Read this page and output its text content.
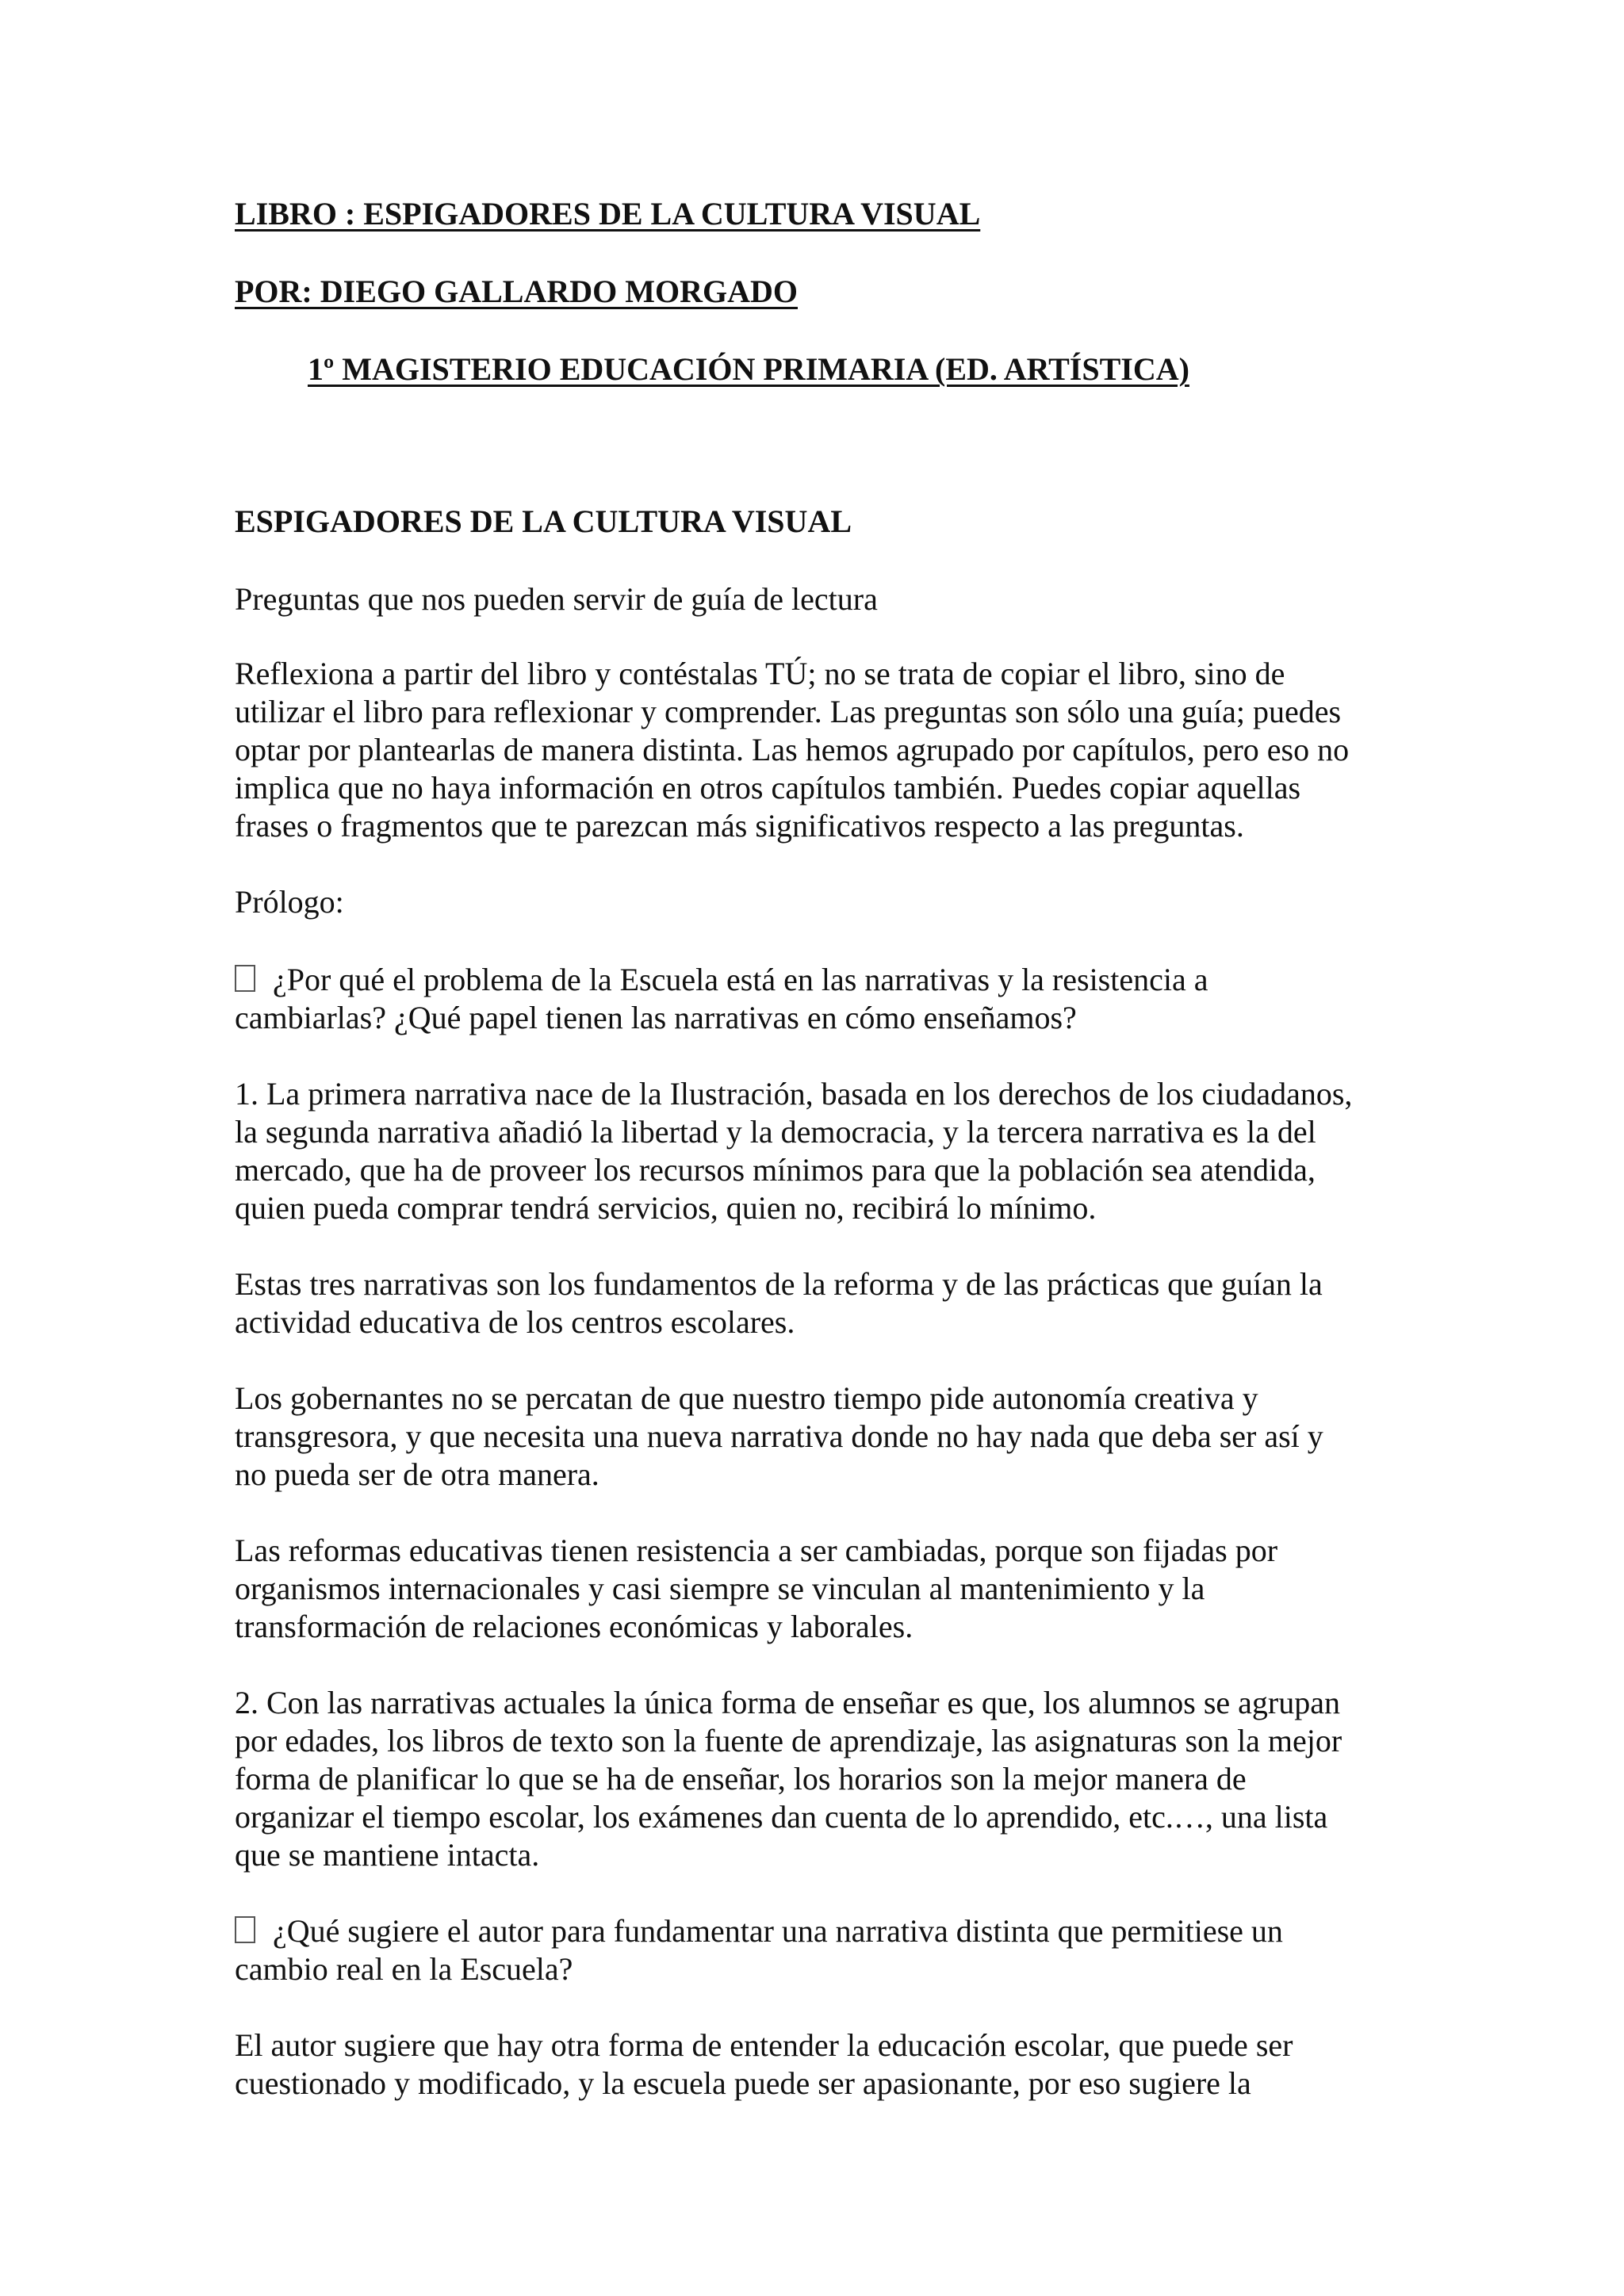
LIBRO : ESPIGADORES DE LA CULTURA VISUAL
POR: DIEGO GALLARDO MORGADO
1º MAGISTERIO EDUCACIÓN PRIMARIA (ED. ARTÍSTICA)
ESPIGADORES DE LA CULTURA VISUAL
Preguntas que nos pueden servir de guía de lectura
Reflexiona a partir del libro y contéstalas TÚ; no se trata de copiar el libro, sino de
utilizar el libro para reflexionar y comprender. Las preguntas son sólo una guía; puedes
optar por plantearlas de manera distinta. Las hemos agrupado por capítulos, pero eso no
implica que no haya información en otros capítulos también. Puedes copiar aquellas
frases o fragmentos que te parezcan más significativos respecto a las preguntas.
Prólogo:
¿Por qué el problema de la Escuela está en las narrativas y la resistencia a
cambiarlas? ¿Qué papel tienen las narrativas en cómo enseñamos?
1. La primera narrativa nace de la Ilustración, basada en los derechos de los ciudadanos,
la segunda narrativa añadió la libertad y la democracia, y la tercera narrativa es la del
mercado, que ha de proveer los recursos mínimos para que la población sea atendida,
quien pueda comprar tendrá servicios, quien no, recibirá lo mínimo.
Estas tres narrativas son los fundamentos de la reforma y de las prácticas que guían la
actividad educativa de los centros escolares.
Los gobernantes no se percatan de que nuestro tiempo pide autonomía creativa y
transgresora, y que necesita una nueva narrativa donde no hay nada que deba ser así y
no pueda ser de otra manera.
Las reformas educativas tienen resistencia a ser cambiadas, porque son fijadas por
organismos internacionales y casi siempre se vinculan al mantenimiento y la
transformación de relaciones económicas y laborales.
2. Con las narrativas actuales la única forma de enseñar es que, los alumnos se agrupan
por edades, los libros de texto son la fuente de aprendizaje, las asignaturas son la mejor
forma de planificar lo que se ha de enseñar, los horarios son la mejor manera de
organizar el tiempo escolar, los exámenes dan cuenta de lo aprendido, etc.…, una lista
que se mantiene intacta.
¿Qué sugiere el autor para fundamentar una narrativa distinta que permitiese un
cambio real en la Escuela?
El autor sugiere que hay otra forma de entender la educación escolar, que puede ser
cuestionado y modificado, y la escuela puede ser apasionante, por eso sugiere la
